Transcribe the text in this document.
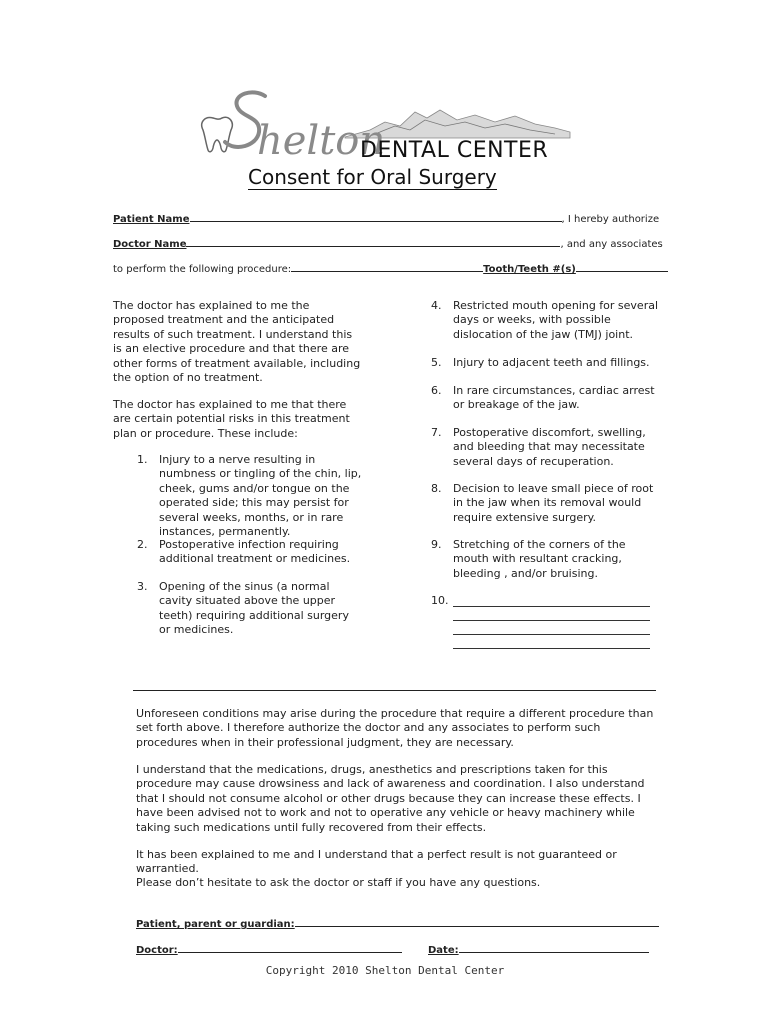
helton
DENTAL CENTER
Consent for Oral Surgery
Patient Name	, I hereby authorize
Doctor Name	, and any associates
to perform the following procedure:	Tooth/Teeth #(s)
The doctor has explained to me the proposed treatment and the anticipated results of such treatment. I understand this is an elective procedure and that there are other forms of treatment available, including the option of no treatment.
The doctor has explained to me that there are certain potential risks in this treatment plan or procedure. These include:
1. Injury to a nerve resulting in numbness or tingling of the chin, lip, cheek, gums and/or tongue on the operated side; this may persist for several weeks, months, or in rare instances, permanently.
2. Postoperative infection requiring additional treatment or medicines.
3. Opening of the sinus (a normal cavity situated above the upper teeth) requiring additional surgery or medicines.
4. Restricted mouth opening for several days or weeks, with possible dislocation of the jaw (TMJ) joint.
5. Injury to adjacent teeth and fillings.
6. In rare circumstances, cardiac arrest or breakage of the jaw.
7. Postoperative discomfort, swelling, and bleeding that may necessitate several days of recuperation.
8. Decision to leave small piece of root in the jaw when its removal would require extensive surgery.
9. Stretching of the corners of the mouth with resultant cracking, bleeding , and/or bruising.
10.
Unforeseen conditions may arise during the procedure that require a different procedure than set forth above. I therefore authorize the doctor and any associates to perform such procedures when in their professional judgment, they are necessary.
I understand that the medications, drugs, anesthetics and prescriptions taken for this procedure may cause drowsiness and lack of awareness and coordination. I also understand that I should not consume alcohol or other drugs because they can increase these effects. I have been advised not to work and not to operative any vehicle or heavy machinery while taking such medications until fully recovered from their effects.
It has been explained to me and I understand that a perfect result is not guaranteed or warrantied.
Please don’t hesitate to ask the doctor or staff if you have any questions.
Patient, parent or guardian:
Doctor:	Date:
Copyright 2010 Shelton Dental Center
